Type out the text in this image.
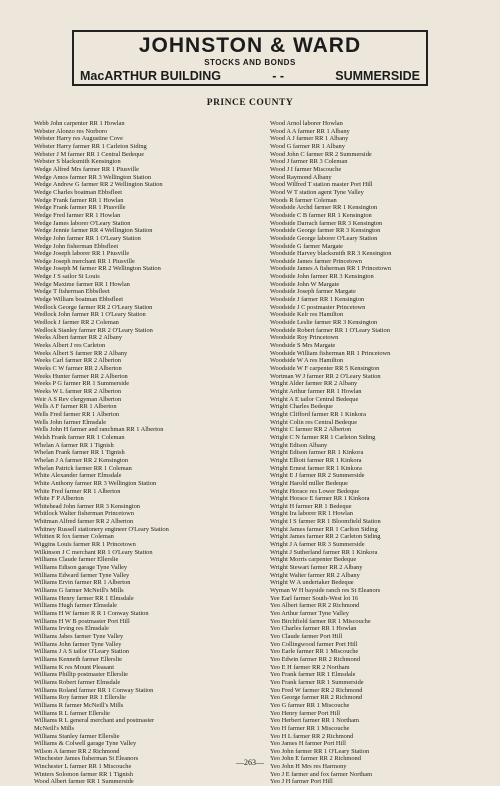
JOHNSTON & WARD
STOCKS AND BONDS
MacARTHUR BUILDING	- -	SUMMERSIDE
PRINCE COUNTY
Webb John carpenter RR 1 Howlan
Webster Alonzo res Norboro
Webster Harry res Augustine Cove
Webster Harry farmer RR 1 Carleton Siding
Webster J M farmer RR 1 Central Bedeque
Webster S blacksmith Kensington
Wedge Alfred Mrs farmer RR 1 Piusville
Wedge Amos farmer RR 3 Wellington Station
Wedge Andrew G farmer RR 2 Wellington Station
Wedge Charles boatman Ebbsfleet
Wedge Frank farmer RR 1 Howlan
Wedge Frank farmer RR 1 Piusville
Wedge Fred farmer RR 1 Howlan
Wedge James laborer O'Leary Station
Wedge Jennie farmer RR 4 Wellington Station
Wedge John farmer RR 1 O'Leary Station
Wedge John fisherman Ebbsfleet
Wedge Joseph laborer RR 1 Piusville
Wedge Joseph merchant RR 1 Piusville
Wedge Joseph M farmer RR 2 Wellington Station
Wedge J S sailor St Louis
Wedge Maxime farmer RR 1 Howlan
Wedge T fisherman Ebbsfleet
Wedge William boatman Ebbsfleet
Wedlock George farmer RR 2 O'Leary Station
Wedlock John farmer RR 1 O'Leary Station
Wedlock J farmer RR 2 Coleman
Wedlock Stanley farmer RR 2 O'Leary Station
Weeks Albert farmer RR 2 Albany
Weeks Albert J res Carleton
Weeks Albert S farmer RR 2 Albany
Weeks Carl farmer RR 2 Alberton
Weeks C W farmer RR 2 Alberton
Weeks Hunter farmer RR 2 Alberton
Weeks P G farmer RR 1 Summerside
Weeks W L farmer RR 2 Alberton
Weir A S Rev clergyman Alberton
Wells A F farmer RR 1 Alberton
Wells Fred farmer RR 1 Alberton
Wells John farmer Elmsdale
Wells John H farmer and ranchman RR 1 Alberton
Welsh Frank farmer RR 1 Coleman
Whelan A farmer RR 1 Tignish
Whelan Frank farmer RR 1 Tignish
Whelan J A farmer RR 2 Kensington
Whelan Patrick farmer RR 1 Coleman
White Alexander farmer Elmsdale
White Anthony farmer RR 3 Wellington Station
White Fred farmer RR 1 Alberton
White F P Alberton
Whitehead John farmer RR 3 Kensington
Whitlock Walter fisherman Princetown
Whitman Alfred farmer RR 2 Alberton
Whitney Russell stationery engineer O'Leary Station
Whitten R fox farmer Coleman
Wiggins Louis farmer RR 1 Princetown
Wilkinson J C merchant RR 1 O'Leary Station
Williams Claude farmer Ellerslie
Williams Edison garage Tyne Valley
Williams Edward farmer Tyne Valley
Williams Ervin farmer RR 1 Alberton
Williams G farmer McNeill's Mills
Williams Henry farmer RR 1 Elmsdale
Williams Hugh farmer Elmsdale
Williams H W farmer R R 1 Conway Station
Williams H W B postmaster Port Hill
Williams Irving res Elmsdale
Williams Jabes farmer Tyne Valley
Williams John farmer Tyne Valley
Williams J A S tailor O'Leary Station
Williams Kenneth farmer Ellerslie
Williams K res Mount Pleasant
Williams Phillip postmaster Ellerslie
Williams Robert farmer Elmsdale
Williams Roland farmer RR 1 Conway Station
Williams Roy farmer RR 1 Ellerslie
Williams R farmer McNeill's Mills
Williams R L farmer Ellerslie
Williams R L general merchant and postmaster
McNeill's Mills
Williams Stanley farmer Ellerslie
Williams & Colwell garage Tyne Valley
Wilson A farmer RR 2 Richmond
Winchester James fisherman St Eleanors
Winchester L farmer RR 1 Miscouche
Winters Solomon farmer RR 1 Tignish
Wood Albert farmer RR 1 Summerside
Wood Arnol laborer Howlan
Wood A A farmer RR 1 Albany
Wood A J farmer RR 1 Albany
Wood G farmer RR 1 Albany
Wood John C farmer RR 2 Summerside
Wood J farmer RR 3 Coleman
Wood J I farmer Miscouche
Wood Raymond Albany
Wood Wilfred T station master Port Hill
Wood W T station agent Tyne Valley
Woods R farmer Coleman
Woodside Archd farmer RR 1 Kensington
Woodside C B farmer RR 1 Kensington
Woodside Darrach farmer RR 3 Kensington
Woodside George farmer RR 3 Kensington
Woodside George laborer O'Leary Station
Woodside G farmer Margate
Woodside Harvey blacksmith RR 3 Kensington
Woodside James farmer Princetown
Woodside James A fisherman RR 1 Princetown
Woodside John farmer RR 3 Kensington
Woodside John W Margate
Woodside Joseph farmer Margate
Woodside J farmer RR 1 Kensington
Woodside J C postmaster Princetown
Woodside Kelr res Hamilton
Woodside Leslie farmer RR 3 Kensington
Woodside Robert farmer RR 1 O'Leary Station
Woodside Roy Princetown
Woodside S Mrs Margate
Woodside William fisherman RR 1 Princetown
Woodside W A res Hamilton
Woodside W F carpenter RR 5 Kensington
Wortman W J farmer RR 2 O'Leary Station
Wright Alder farmer RR 2 Albany
Wright Arthur farmer RR 1 Howlan
Wright A E tailor Central Bedeque
Wright Charles Bedeque
Wright Clifford farmer RR 1 Kinkora
Wright Colin res Central Bedeque
Wright C farmer RR 2 Alberton
Wright C N farmer RR 1 Carleton Siding
Wright Edison Albany
Wright Edison farmer RR 1 Kinkora
Wright Elliott farmer RR 1 Kinkora
Wright Ernest farmer RR 1 Kinkora
Wright E J farmer RR 2 Summerside
Wright Harold miller Bedeque
Wright Horace res Lower Bedeque
Wright Horace E farmer RR 1 Kinkora
Wright H farmer RR 1 Bedeque
Wright Ira laborer RR 1 Howlan
Wright I S farmer RR 1 Bloomfield Station
Wright James farmer RR 1 Carlton Siding
Wright James farmer RR 2 Carleton Siding
Wright J A farmer RR 3 Summerside
Wright J Sutherland farmer RR 1 Kinkora
Wright Morris carpenter Bedeque
Wright Stewart farmer RR 2 Albany
Wright Walter farmer RR 2 Albany
Wright W A undertaker Bedeque
Wyman W H bayside ranch res St Eleanors
Yee Earl farmer South-West lot 16
Yeo Albert farmer RR 2 Richmond
Yeo Arthur farmer Tyne Valley
Yeo Birchfield farmer RR 1 Miscouche
Yeo Charles farmer RR 1 Howlan
Yeo Claude farmer Port Hill
Yeo Collingwood farmer Port Hill
Yeo Earle farmer RR 1 Miscouche
Yeo Edwin farmer RR 2 Richmond
Yeo E H farmer RR 2 Northam
Yeo Frank farmer RR 1 Elmsdale
Yeo Frank farmer RR 1 Summerside
Yeo Fred W farmer RR 2 Richmond
Yeo George farmer RR 2 Richmond
Yeo G farmer RR 1 Miscouche
Yeo Henry farmer Port Hill
Yeo Herbert farmer RR 1 Northam
Yeo H farmer RR 1 Miscouche
Yeo H L farmer RR 2 Richmond
Yeo James H farmer Port Hill
Yeo John farmer RR 1 O'Leary Station
Yeo John E farmer RR 2 Richmond
Yeo John H Mrs res Harmony
Yeo J E farmer and fox farmer Northam
Yeo J H farmer Port Hill
—263—
